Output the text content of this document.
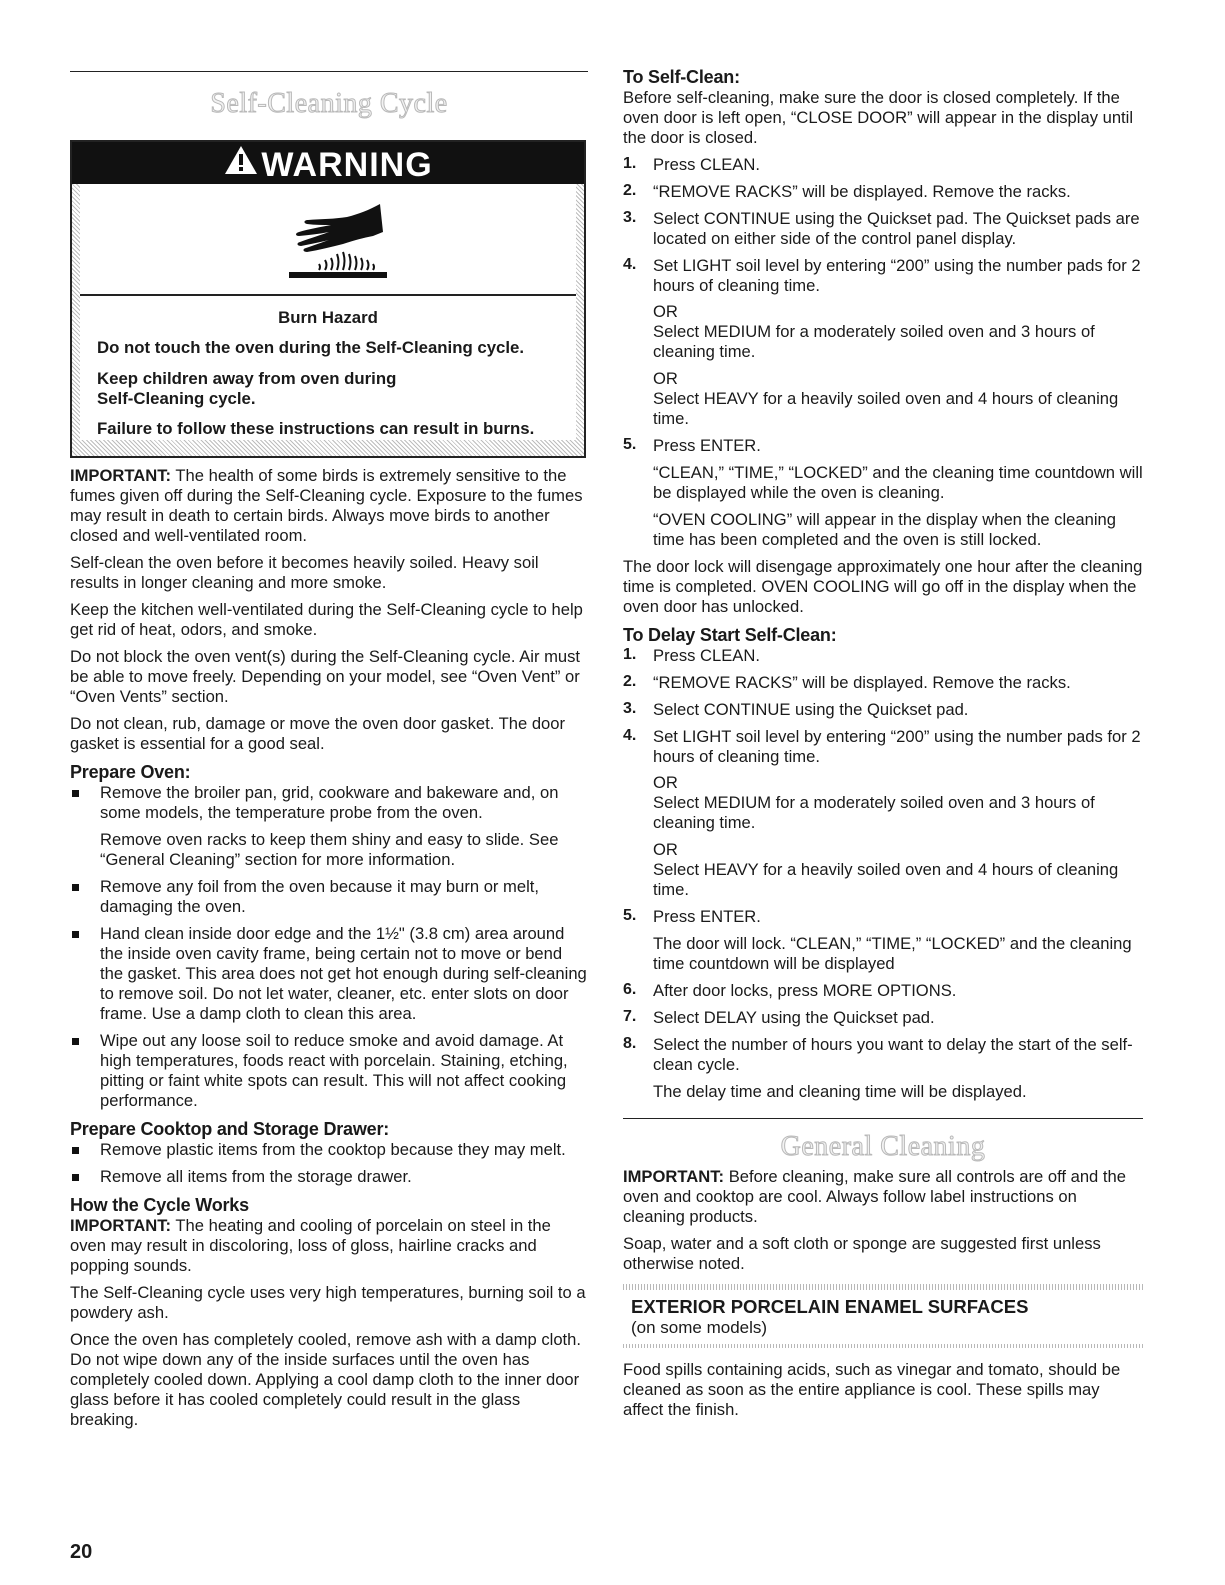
Self-Cleaning Cycle
WARNING

Burn Hazard

Do not touch the oven during the Self-Cleaning cycle.

Keep children away from oven during

Self-Cleaning cycle.

Failure to follow these instructions can result in burns.

IMPORTANT: The health of some birds is extremely sensitive to the fumes given off during the Self-Cleaning cycle. Exposure to the fumes may result in death to certain birds. Always move birds to another closed and well-ventilated room.

Self-clean the oven before it becomes heavily soiled. Heavy soil results in longer cleaning and more smoke.

Keep the kitchen well-ventilated during the Self-Cleaning cycle to help get rid of heat, odors, and smoke.

Do not block the oven vent(s) during the Self-Cleaning cycle. Air must be able to move freely. Depending on your model, see “Oven Vent” or “Oven Vents” section.

Do not clean, rub, damage or move the oven door gasket. The door gasket is essential for a good seal.

Prepare Oven:

Remove the broiler pan, grid, cookware and bakeware and, on some models, the temperature probe from the oven.

Remove oven racks to keep them shiny and easy to slide. See “General Cleaning” section for more information.

Remove any foil from the oven because it may burn or melt, damaging the oven.

Hand clean inside door edge and the 1½" (3.8 cm) area around the inside oven cavity frame, being certain not to move or bend the gasket. This area does not get hot enough during self-cleaning to remove soil. Do not let water, cleaner, etc. enter slots on door frame. Use a damp cloth to clean this area.

Wipe out any loose soil to reduce smoke and avoid damage. At high temperatures, foods react with porcelain. Staining, etching, pitting or faint white spots can result. This will not affect cooking performance.

Prepare Cooktop and Storage Drawer:

Remove plastic items from the cooktop because they may melt.

Remove all items from the storage drawer.

How the Cycle Works

IMPORTANT: The heating and cooling of porcelain on steel in the oven may result in discoloring, loss of gloss, hairline cracks and popping sounds.

The Self-Cleaning cycle uses very high temperatures, burning soil to a powdery ash.

Once the oven has completely cooled, remove ash with a damp cloth. Do not wipe down any of the inside surfaces until the oven has completely cooled down. Applying a cool damp cloth to the inner door glass before it has cooled completely could result in the glass breaking.

To Self-Clean:

Before self-cleaning, make sure the door is closed completely. If the oven door is left open, “CLOSE DOOR” will appear in the display until the door is closed.

1.	Press CLEAN.

2.	“REMOVE RACKS” will be displayed. Remove the racks.

3.	Select CONTINUE using the Quickset pad. The Quickset pads are located on either side of the control panel display.

4.	Set LIGHT soil level by entering “200” using the number pads for 2 hours of cleaning time.

OR

Select MEDIUM for a moderately soiled oven and 3 hours of cleaning time.

OR

Select HEAVY for a heavily soiled oven and 4 hours of cleaning time.

5.	Press ENTER.

“CLEAN,” “TIME,” “LOCKED” and the cleaning time countdown will be displayed while the oven is cleaning.

“OVEN COOLING” will appear in the display when the cleaning time has been completed and the oven is still locked.

The door lock will disengage approximately one hour after the cleaning time is completed. OVEN COOLING will go off in the display when the oven door has unlocked.

To Delay Start Self-Clean:
1.	Press CLEAN.

2.	“REMOVE RACKS” will be displayed. Remove the racks.

3.	Select CONTINUE using the Quickset pad.

4.	Set LIGHT soil level by entering “200” using the number pads for 2 hours of cleaning time.

OR

Select MEDIUM for a moderately soiled oven and 3 hours of cleaning time.

OR

Select HEAVY for a heavily soiled oven and 4 hours of cleaning time.

5.	Press ENTER.

The door will lock. “CLEAN,” “TIME,” “LOCKED” and the cleaning time countdown will be displayed

6.	After door locks, press MORE OPTIONS.

7.	Select DELAY using the Quickset pad.

8.	Select the number of hours you want to delay the start of the self-clean cycle.

The delay time and cleaning time will be displayed.

General Cleaning

IMPORTANT: Before cleaning, make sure all controls are off and the oven and cooktop are cool. Always follow label instructions on cleaning products.

Soap, water and a soft cloth or sponge are suggested first unless otherwise noted.

EXTERIOR PORCELAIN ENAMEL SURFACES
(on some models)

Food spills containing acids, such as vinegar and tomato, should be cleaned as soon as the entire appliance is cool. These spills may affect the finish.

20
